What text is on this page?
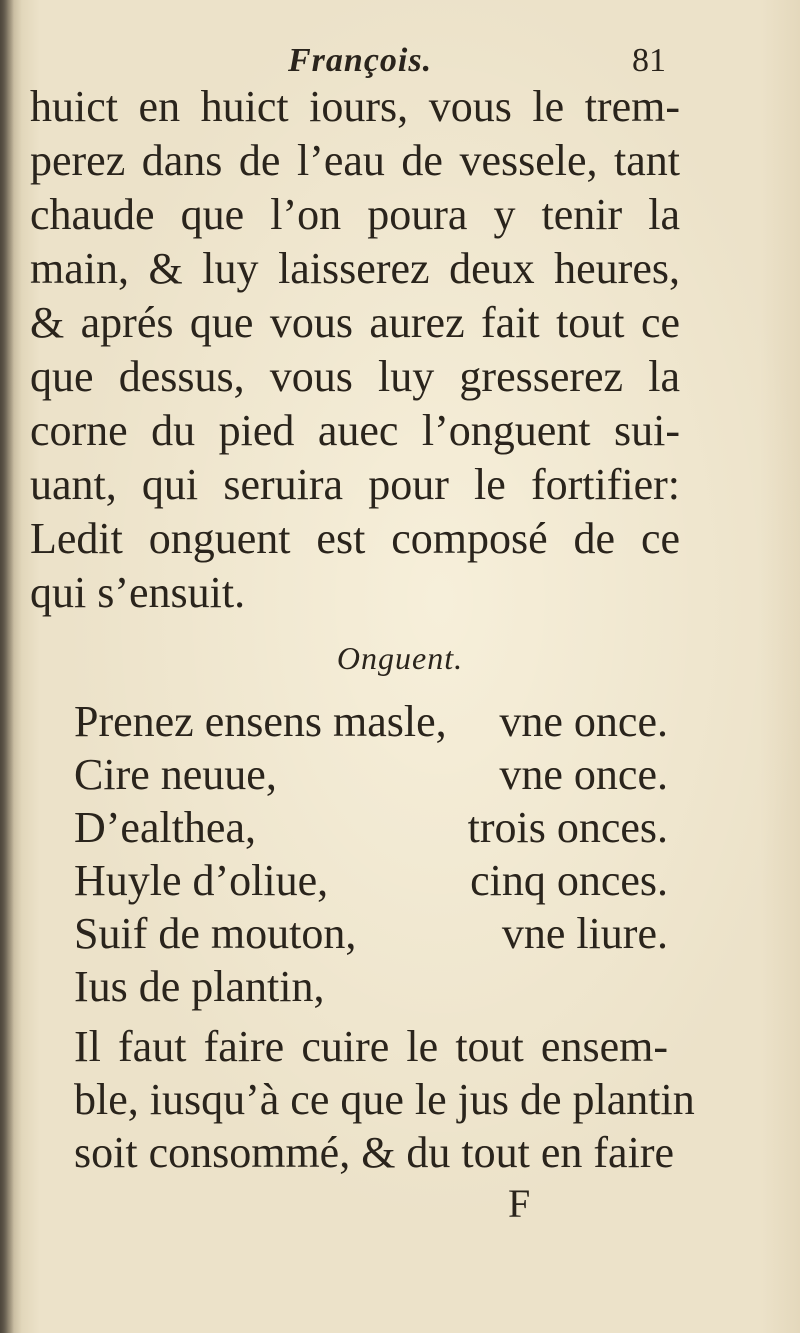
François.	81
huict en huict iours, vous le trem-
perez dans de l’eau de vessele, tant
chaude que l’on poura y tenir la
main, & luy laisserez deux heures,
& aprés que vous aurez fait tout ce
que dessus, vous luy gresserez la
corne du pied auec l’onguent sui-
uant, qui seruira pour le fortifier:
Ledit onguent est composé de ce
qui s’ensuit.
Onguent.
Prenez ensens masle, vne once.
Cire neuue,	vne once.
D’ealthea,	trois onces.
Huyle d’oliue,	cinq onces.
Suif de mouton,	vne liure.
Ius de plantin,
Il faut faire cuire le tout ensem-
ble, iusqu’à ce que le jus de plantin
soit consommé, & du tout en faire
F
